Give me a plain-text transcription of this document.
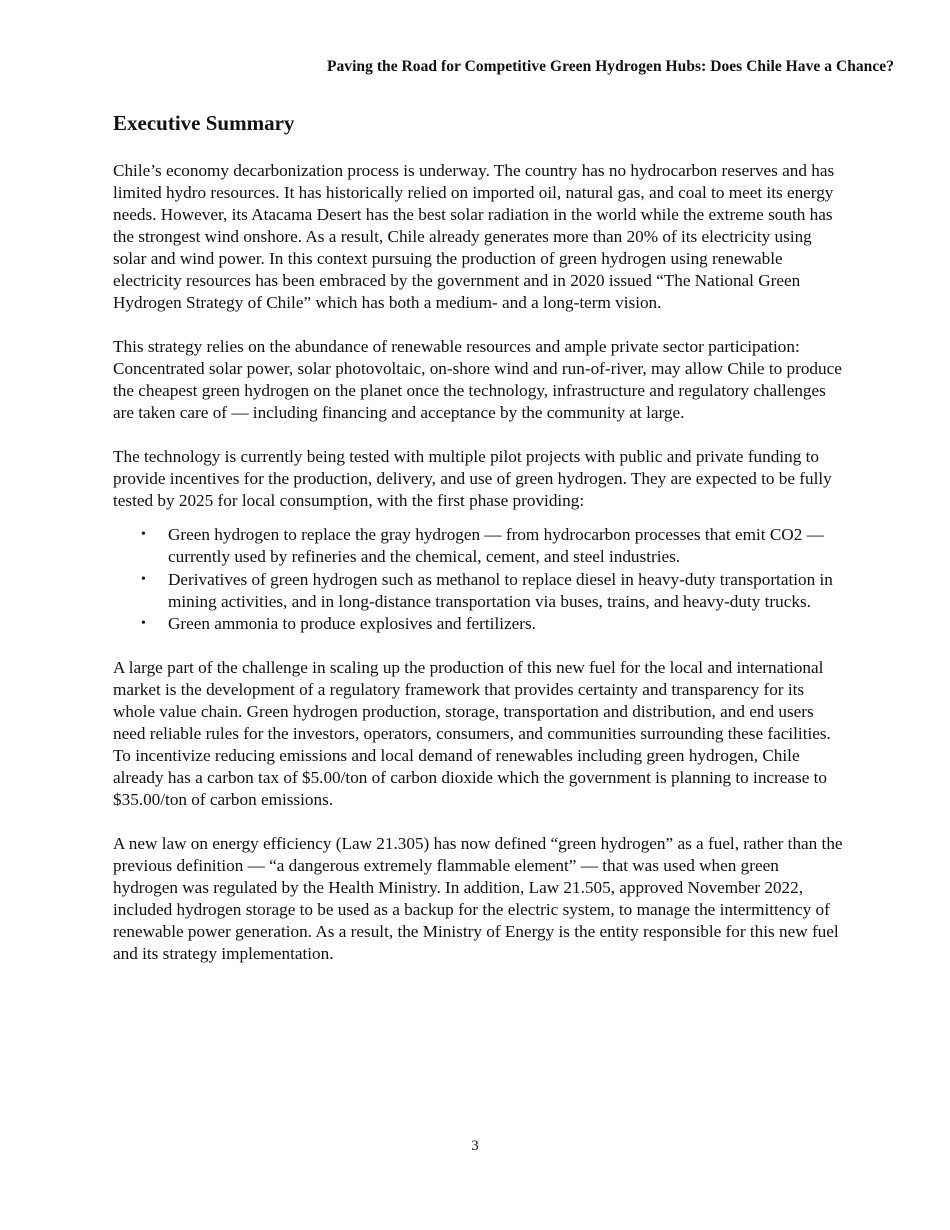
Paving the Road for Competitive Green Hydrogen Hubs: Does Chile Have a Chance?
Executive Summary

Chile’s economy decarbonization process is underway. The country has no hydrocarbon reserves and has limited hydro resources. It has historically relied on imported oil, natural gas, and coal to meet its energy needs. However, its Atacama Desert has the best solar radiation in the world while the extreme south has the strongest wind onshore. As a result, Chile already generates more than 20% of its electricity using solar and wind power. In this context pursuing the production of green hydrogen using renewable electricity resources has been embraced by the government and in 2020 issued “The National Green Hydrogen Strategy of Chile” which has both a medium- and a long-term vision.

This strategy relies on the abundance of renewable resources and ample private sector participation: Concentrated solar power, solar photovoltaic, on-shore wind and run-of-river, may allow Chile to produce the cheapest green hydrogen on the planet once the technology, infrastructure and regulatory challenges are taken care of — including financing and acceptance by the community at large.

The technology is currently being tested with multiple pilot projects with public and private funding to provide incentives for the production, delivery, and use of green hydrogen. They are expected to be fully tested by 2025 for local consumption, with the first phase providing:

• Green hydrogen to replace the gray hydrogen — from hydrocarbon processes that emit CO2 — currently used by refineries and the chemical, cement, and steel industries.
• Derivatives of green hydrogen such as methanol to replace diesel in heavy-duty transportation in mining activities, and in long-distance transportation via buses, trains, and heavy-duty trucks.
• Green ammonia to produce explosives and fertilizers.

A large part of the challenge in scaling up the production of this new fuel for the local and international market is the development of a regulatory framework that provides certainty and transparency for its whole value chain. Green hydrogen production, storage, transportation and distribution, and end users need reliable rules for the investors, operators, consumers, and communities surrounding these facilities. To incentivize reducing emissions and local demand of renewables including green hydrogen, Chile already has a carbon tax of $5.00/ton of carbon dioxide which the government is planning to increase to $35.00/ton of carbon emissions.

A new law on energy efficiency (Law 21.305) has now defined “green hydrogen” as a fuel, rather than the previous definition — “a dangerous extremely flammable element” — that was used when green hydrogen was regulated by the Health Ministry. In addition, Law 21.505, approved November 2022, included hydrogen storage to be used as a backup for the electric system, to manage the intermittency of renewable power generation. As a result, the Ministry of Energy is the entity responsible for this new fuel and its strategy implementation.

3
